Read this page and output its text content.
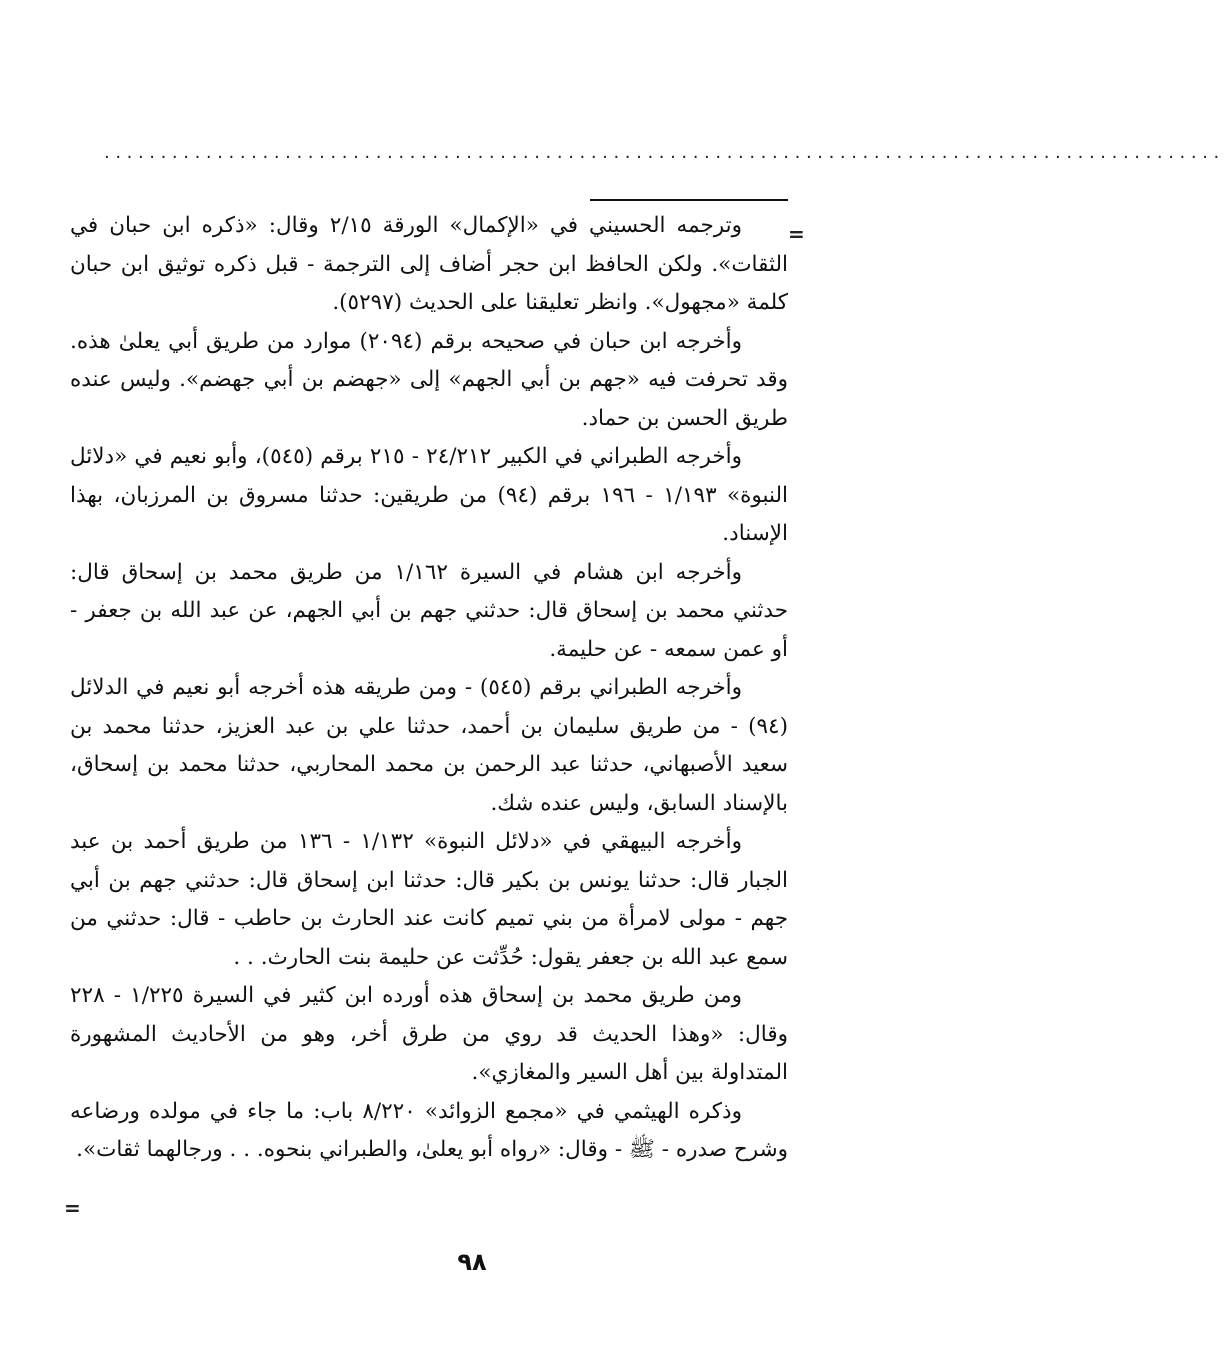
...................................................................................................
=

وترجمه الحسيني في «الإكمال» الورقة ٢/١٥ وقال: «ذكره ابن حبان في الثقات». ولكن الحافظ ابن حجر أضاف إلى الترجمة - قبل ذكره توثيق ابن حبان كلمة «مجهول». وانظر تعليقنا على الحديث (٥٢٩٧).

وأخرجه ابن حبان في صحيحه برقم (٢٠٩٤) موارد من طريق أبي يعلىٰ هذه. وقد تحرفت فيه «جهم بن أبي الجهم» إلى «جهضم بن أبي جهضم». وليس عنده طريق الحسن بن حماد.

وأخرجه الطبراني في الكبير ٢٤/٢١٢ - ٢١٥ برقم (٥٤٥)، وأبو نعيم في «دلائل النبوة» ١/١٩٣ - ١٩٦ برقم (٩٤) من طريقين: حدثنا مسروق بن المرزبان، بهذا الإسناد.

وأخرجه ابن هشام في السيرة ١/١٦٢ من طريق محمد بن إسحاق قال: حدثني محمد بن إسحاق قال: حدثني جهم بن أبي الجهم، عن عبد الله بن جعفر - أو عمن سمعه - عن حليمة.

وأخرجه الطبراني برقم (٥٤٥) - ومن طريقه هذه أخرجه أبو نعيم في الدلائل (٩٤) - من طريق سليمان بن أحمد، حدثنا علي بن عبد العزيز، حدثنا محمد بن سعيد الأصبهاني، حدثنا عبد الرحمن بن محمد المحاربي، حدثنا محمد بن إسحاق، بالإسناد السابق، وليس عنده شك.

وأخرجه البيهقي في «دلائل النبوة» ١/١٣٢ - ١٣٦ من طريق أحمد بن عبد الجبار قال: حدثنا يونس بن بكير قال: حدثنا ابن إسحاق قال: حدثني جهم بن أبي جهم - مولى لامرأة من بني تميم كانت عند الحارث بن حاطب - قال: حدثني من سمع عبد الله بن جعفر يقول: حُدِّثت عن حليمة بنت الحارث. . .

ومن طريق محمد بن إسحاق هذه أورده ابن كثير في السيرة ١/٢٢٥ - ٢٢٨ وقال: «وهذا الحديث قد روي من طرق أخر، وهو من الأحاديث المشهورة المتداولة بين أهل السير والمغازي».

وذكره الهيثمي في «مجمع الزوائد» ٨/٢٢٠ باب: ما جاء في مولده ورضاعه وشرح صدره - ﷺ - وقال: «رواه أبو يعلىٰ، والطبراني بنحوه. . . ورجالهما ثقات».

=
٩٨
